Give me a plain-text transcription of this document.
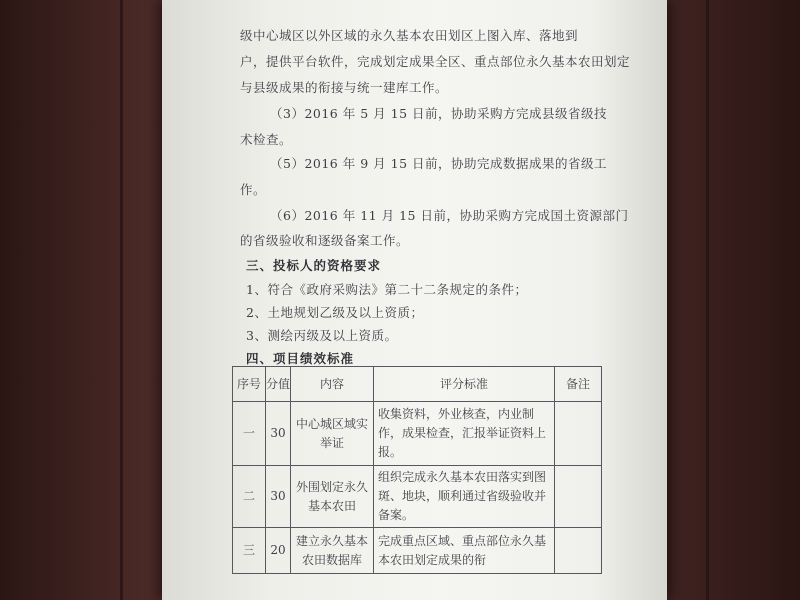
级中心城区以外区域的永久基本农田划区上图入库、落地到
户，提供平台软件，完成划定成果全区、重点部位永久基本农田划定
与县级成果的衔接与统一建库工作。
（3）2016 年 5 月 15 日前，协助采购方完成县级省级技
术检查。
（5）2016 年 9 月 15 日前，协助完成数据成果的省级工
作。
（6）2016 年 11 月 15 日前，协助采购方完成国土资源部门
的省级验收和逐级备案工作。
三、投标人的资格要求
1、符合《政府采购法》第二十二条规定的条件；
2、土地规划乙级及以上资质；
3、测绘丙级及以上资质。
四、项目绩效标准
序号	分值	内容	评分标准	备注
一	30	中心城区域实举证	收集资料，外业核查，内业制作，成果检查，汇报举证资料上报。	
二	30	外围划定永久基本农田	组织完成永久基本农田落实到图斑、地块，顺利通过省级验收并备案。	
三	20	建立永久基本农田数据库	完成重点区域、重点部位永久基本农田划定成果的衔	
